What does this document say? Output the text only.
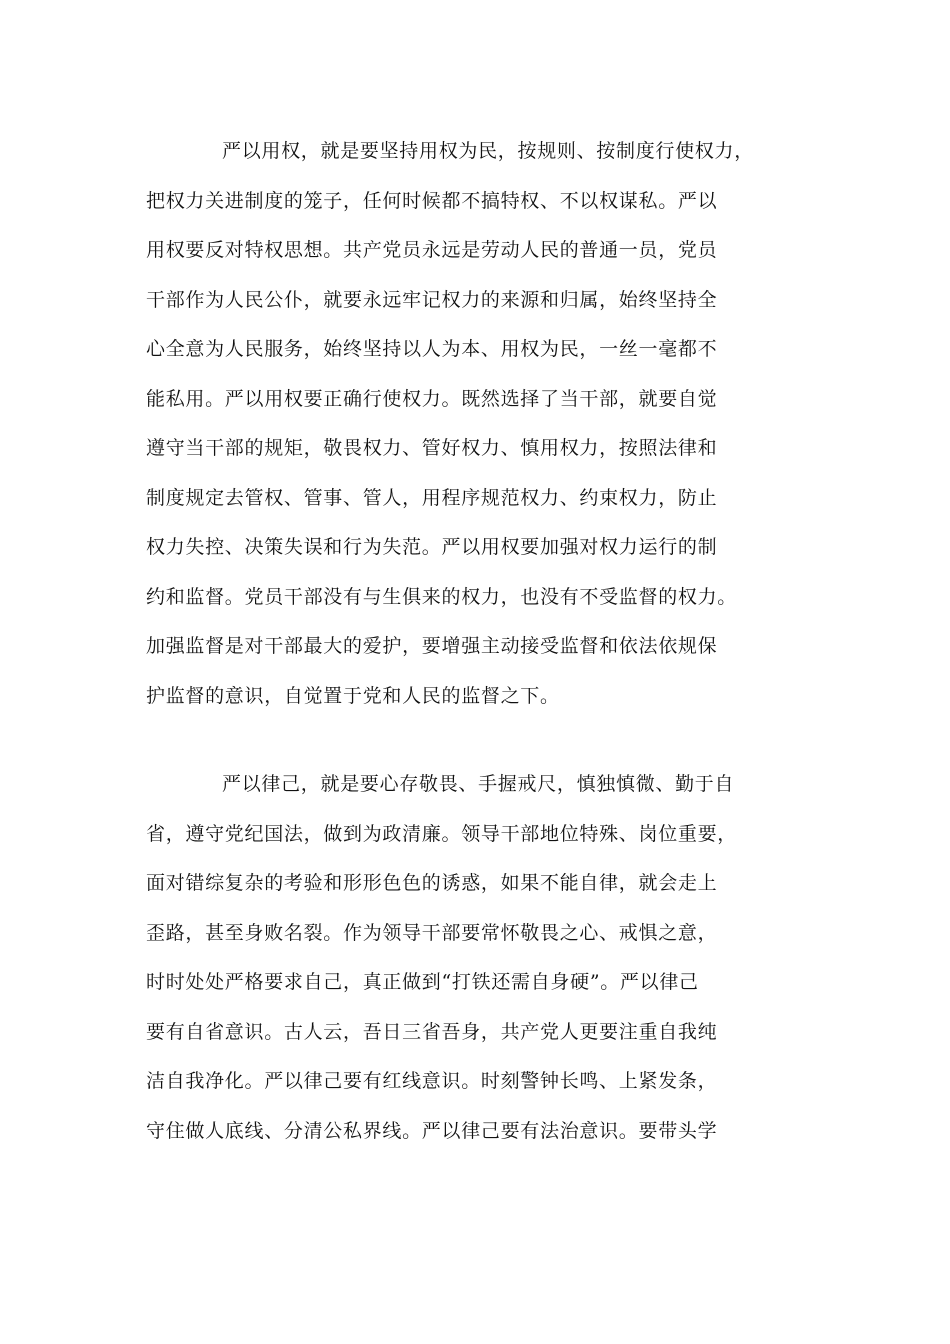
严以用权，就是要坚持用权为民，按规则、按制度行使权力，
把权力关进制度的笼子，任何时候都不搞特权、不以权谋私。严以
用权要反对特权思想。共产党员永远是劳动人民的普通一员，党员
干部作为人民公仆，就要永远牢记权力的来源和归属，始终坚持全
心全意为人民服务，始终坚持以人为本、用权为民，一丝一毫都不
能私用。严以用权要正确行使权力。既然选择了当干部，就要自觉
遵守当干部的规矩，敬畏权力、管好权力、慎用权力，按照法律和
制度规定去管权、管事、管人，用程序规范权力、约束权力，防止
权力失控、决策失误和行为失范。严以用权要加强对权力运行的制
约和监督。党员干部没有与生俱来的权力，也没有不受监督的权力。
加强监督是对干部最大的爱护，要增强主动接受监督和依法依规保
护监督的意识，自觉置于党和人民的监督之下。
严以律己，就是要心存敬畏、手握戒尺，慎独慎微、勤于自
省，遵守党纪国法，做到为政清廉。领导干部地位特殊、岗位重要，
面对错综复杂的考验和形形色色的诱惑，如果不能自律，就会走上
歪路，甚至身败名裂。作为领导干部要常怀敬畏之心、戒惧之意，
时时处处严格要求自己，真正做到“打铁还需自身硬”。严以律己
要有自省意识。古人云，吾日三省吾身，共产党人更要注重自我纯
洁自我净化。严以律己要有红线意识。时刻警钟长鸣、上紧发条，
守住做人底线、分清公私界线。严以律己要有法治意识。要带头学
